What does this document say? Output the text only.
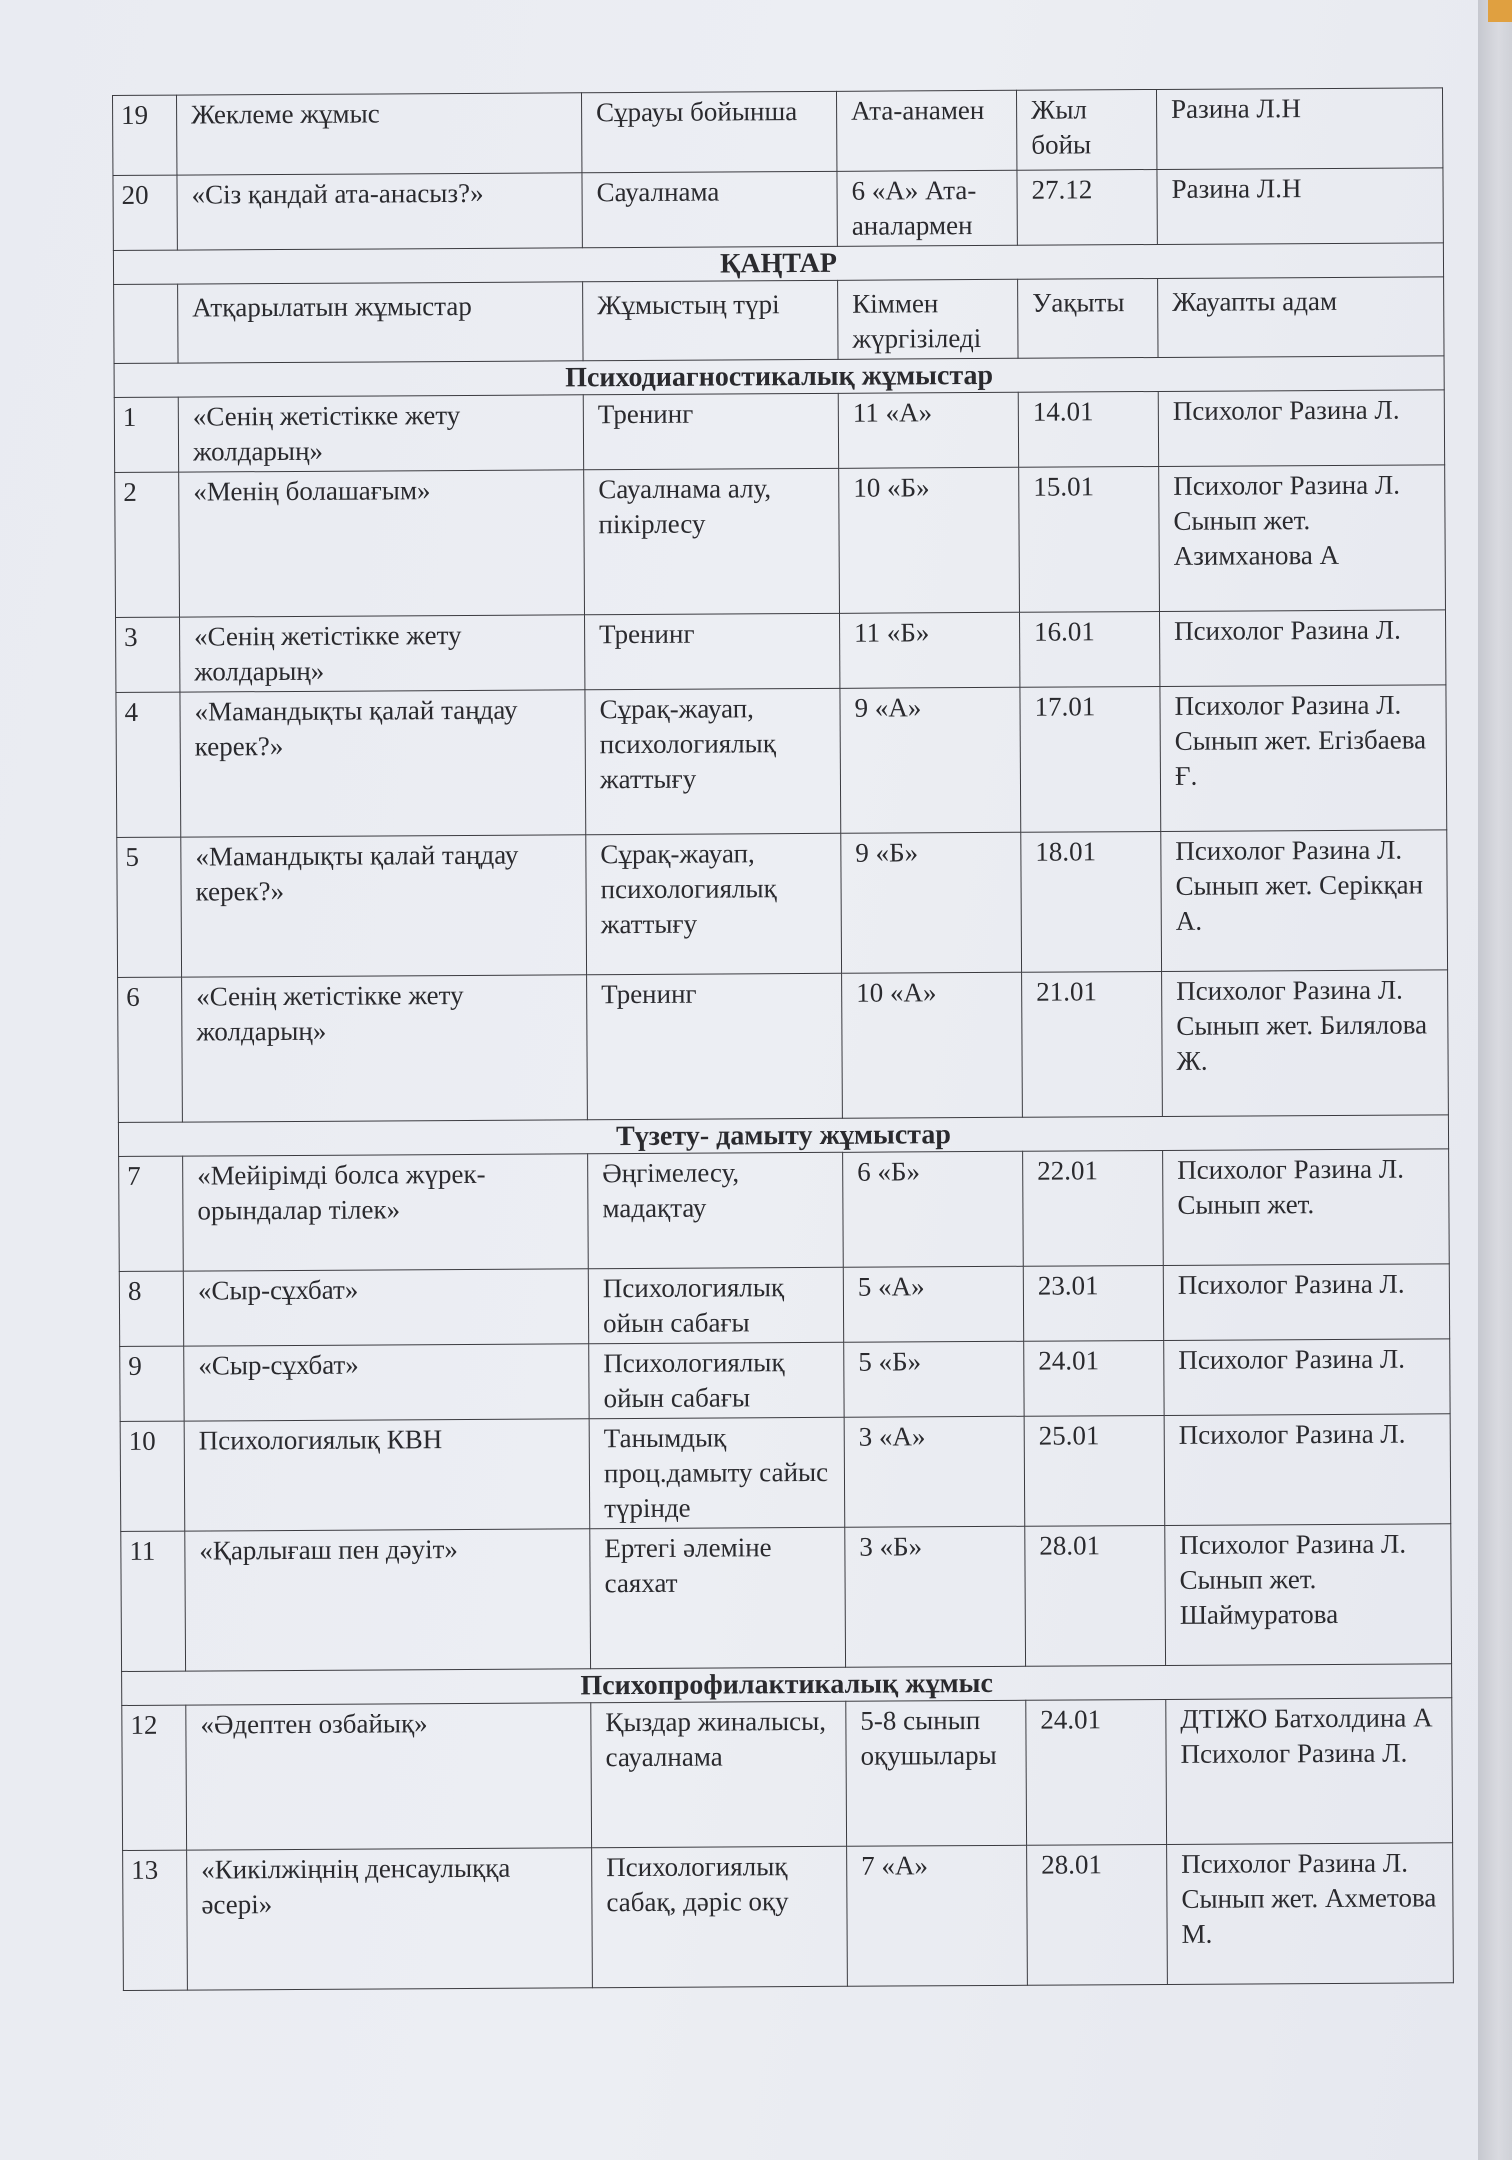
19	Жеклеме жұмыс	Сұрауы бойынша	Ата-анамен	Жыл бойы	Разина Л.Н
20	«Сіз қандай ата-анасыз?»	Сауалнама	6 «А» Ата-аналармен	27.12	Разина Л.Н
ҚАҢТАР					
	Атқарылатын жұмыстар	Жұмыстың түрі	Кіммен жүргізіледі	Уақыты	Жауапты адам
Психодиагностикалық жұмыстар					
1	«Сенің жетістікке жету жолдарың»	Тренинг	11 «А»	14.01	Психолог Разина Л.
2	«Менің болашағым»	Сауалнама алу, пікірлесу	10 «Б»	15.01	Психолог Разина Л. Сынып жет. Азимханова А
3	«Сенің жетістікке жету жолдарың»	Тренинг	11 «Б»	16.01	Психолог Разина Л.
4	«Мамандықты қалай таңдау керек?»	Сұрақ-жауап, психологиялық жаттығу	9 «А»	17.01	Психолог Разина Л. Сынып жет. Егізбаева Ғ.
5	«Мамандықты қалай таңдау керек?»	Сұрақ-жауап, психологиялық жаттығу	9 «Б»	18.01	Психолог Разина Л. Сынып жет. Серікқан А.
6	«Сенің жетістікке жету жолдарың»	Тренинг	10 «А»	21.01	Психолог Разина Л. Сынып жет. Билялова Ж.
Түзету- дамыту жұмыстар					
7	«Мейірімді болса жүрек- орындалар тілек»	Әңгімелесу, мадақтау	6 «Б»	22.01	Психолог Разина Л. Сынып жет.
8	«Сыр-сұхбат»	Психологиялық ойын сабағы	5 «А»	23.01	Психолог Разина Л.
9	«Сыр-сұхбат»	Психологиялық ойын сабағы	5 «Б»	24.01	Психолог Разина Л.
10	Психологиялық КВН	Танымдық проц.дамыту сайыс түрінде	3 «А»	25.01	Психолог Разина Л.
11	«Қарлығаш пен дәуіт»	Ертегі әлеміне саяхат	3 «Б»	28.01	Психолог Разина Л. Сынып жет. Шаймуратова
Психопрофилактикалық жұмыс					
12	«Әдептен озбайық»	Қыздар жиналысы, сауалнама	5-8 сынып оқушылары	24.01	ДТІЖО Батхолдина А Психолог Разина Л.
13	«Кикілжіңнің денсаулыққа әсері»	Психологиялық сабақ, дәріс оқу	7 «А»	28.01	Психолог Разина Л. Сынып жет. Ахметова М.
